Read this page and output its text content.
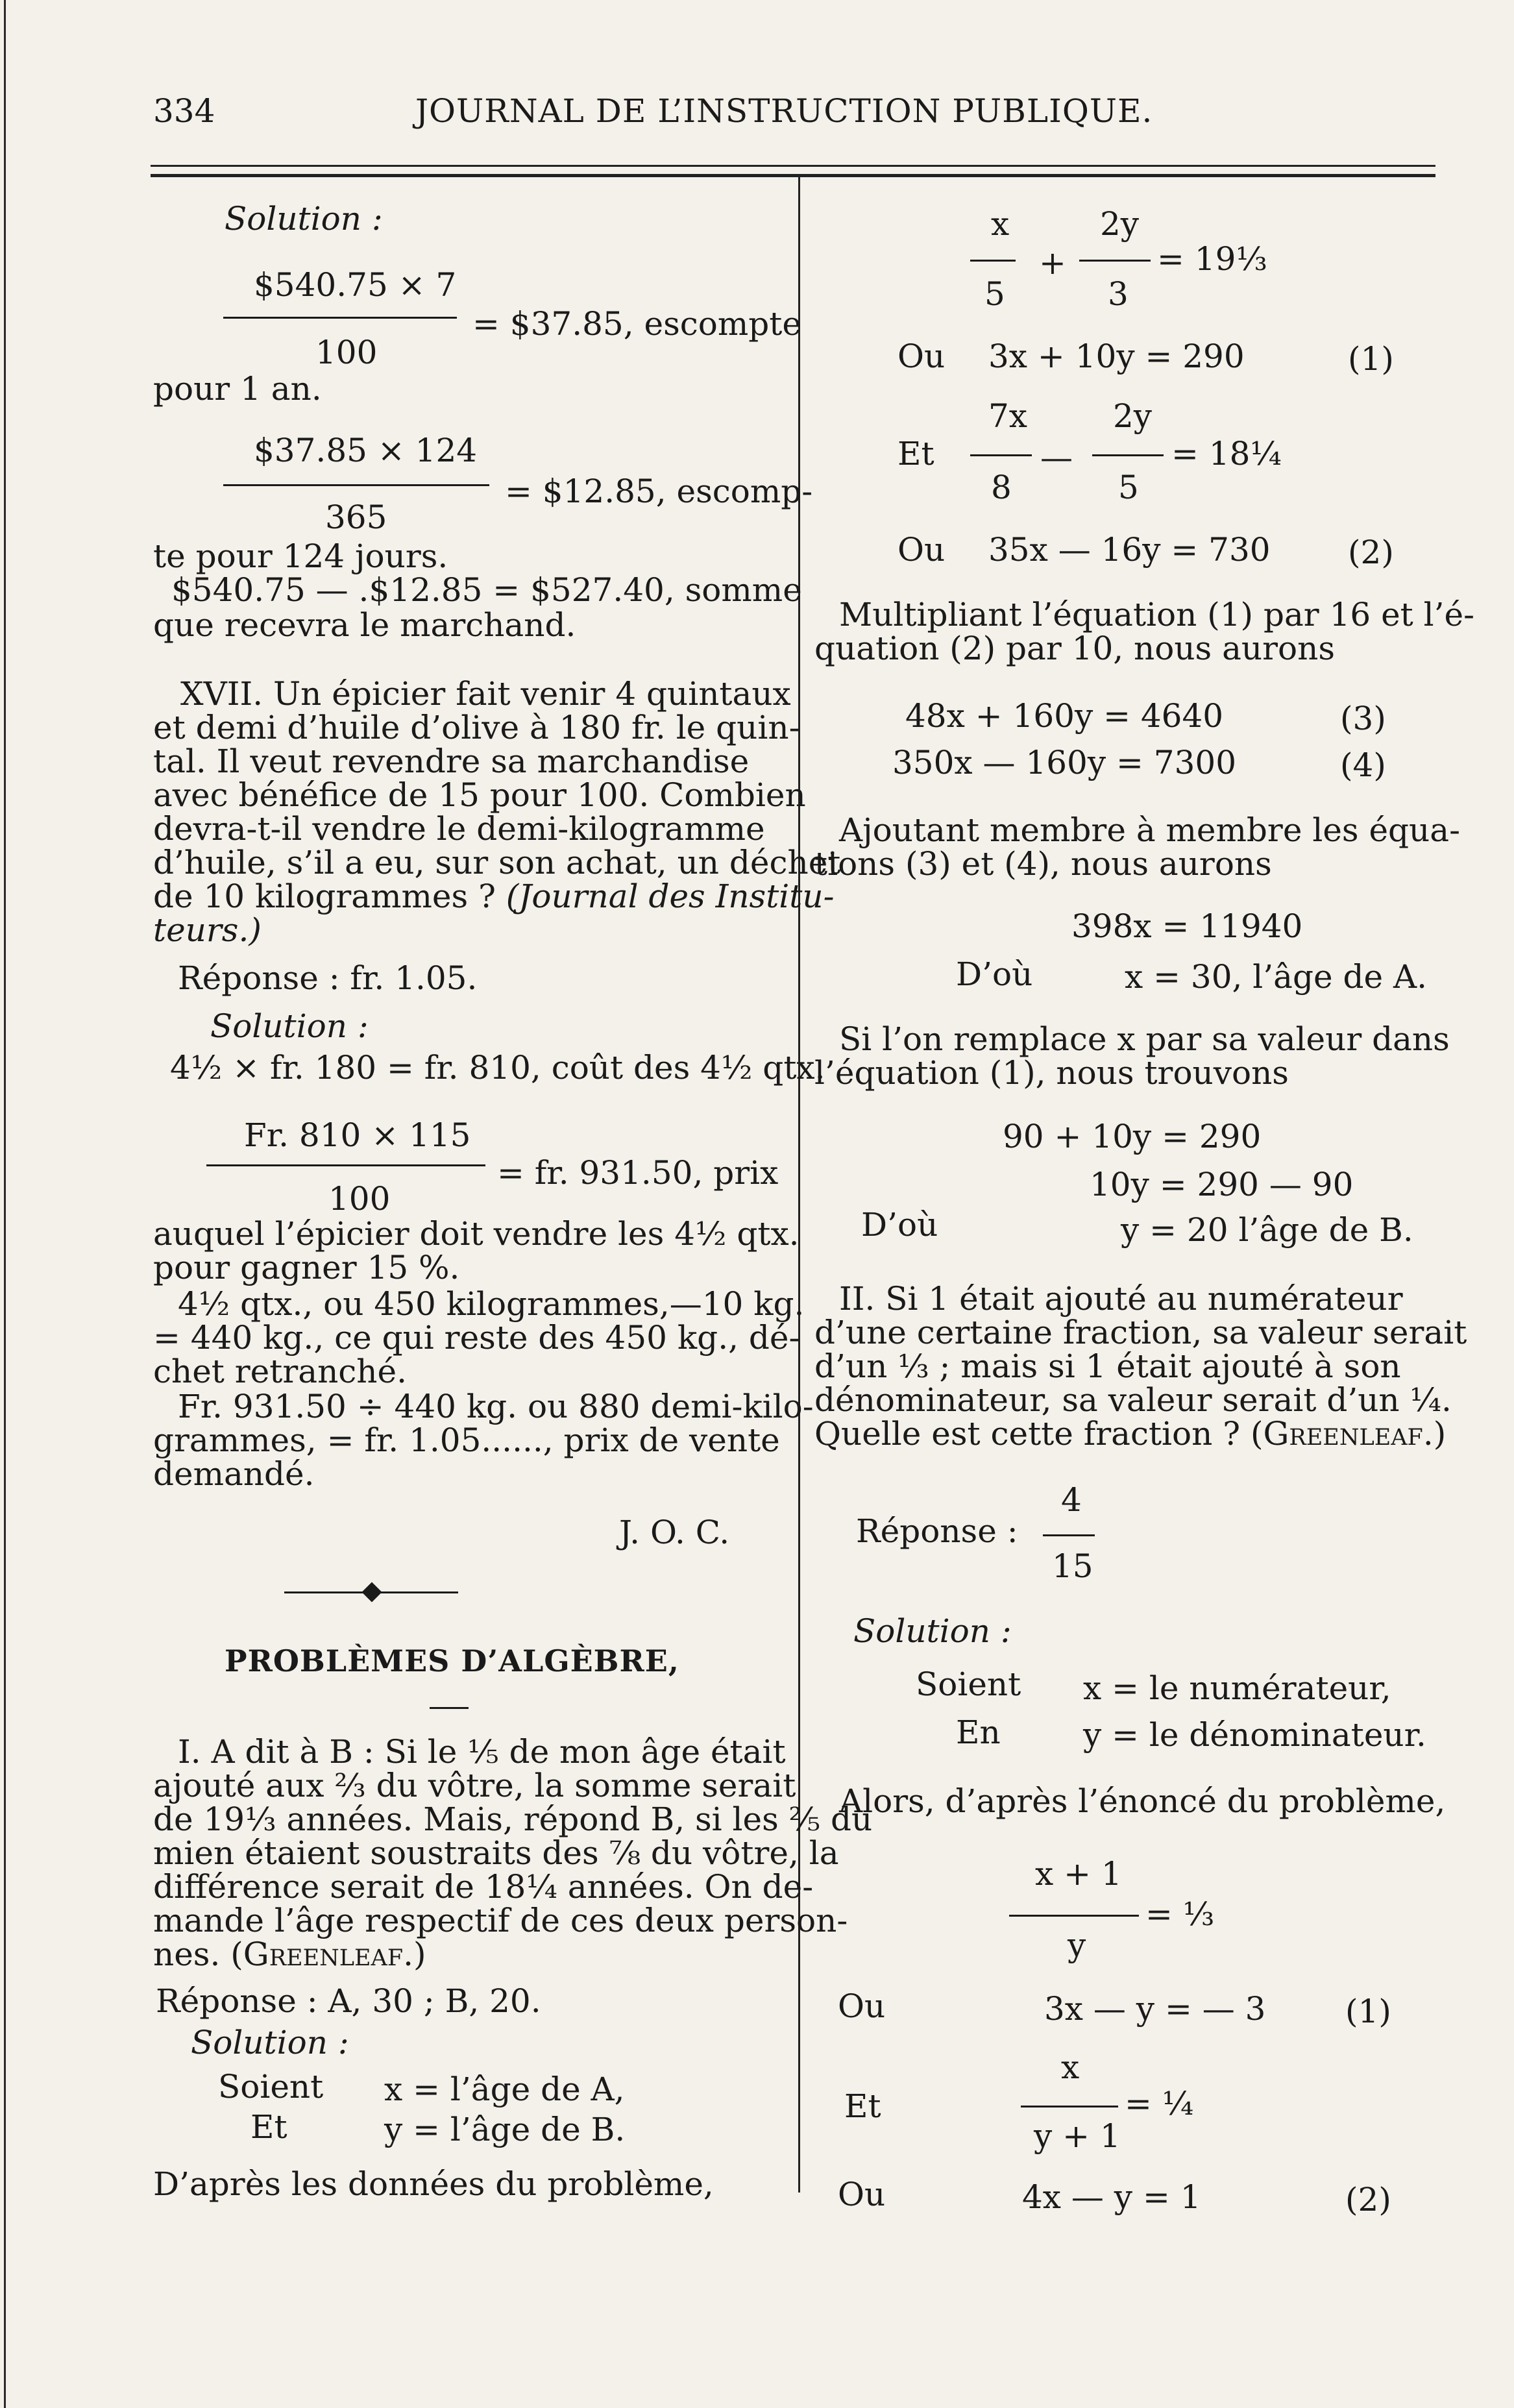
334	JOURNAL DE L’INSTRUCTION PUBLIQUE.
Solution :
$540.75 × 7
100
= $37.85, escompte
pour 1 an.
$37.85 × 124
365
= $12.85, escomp-
te pour 124 jours.
$540.75 — .$12.85 = $527.40, somme
que recevra le marchand.
XVII. Un épicier fait venir 4 quintaux
et demi d’huile d’olive à 180 fr. le quin-
tal. Il veut revendre sa marchandise
avec bénéfice de 15 pour 100. Combien
devra-t-il vendre le demi-kilogramme
d’huile, s’il a eu, sur son achat, un déchet
de 10 kilogrammes ? (Journal des Institu-
teurs.)
Réponse : fr. 1.05.
Solution :
4½ × fr. 180 = fr. 810, coût des 4½ qtx.
Fr. 810 × 115
100
= fr. 931.50, prix
auquel l’épicier doit vendre les 4½ qtx.
pour gagner 15 %.
4½ qtx., ou 450 kilogrammes,—10 kg.
= 440 kg., ce qui reste des 450 kg., dé-
chet retranché.
Fr. 931.50 ÷ 440 kg. ou 880 demi-kilo-
grammes, = fr. 1.05......, prix de vente
demandé.
J. O. C.
PROBLÈMES D’ALGÈBRE,
I. A dit à B : Si le ⅕ de mon âge était
ajouté aux ⅔ du vôtre, la somme serait
de 19⅓ années. Mais, répond B, si les ⅖ du
mien étaient soustraits des ⅞ du vôtre, la
différence serait de 18¼ années. On de-
mande l’âge respectif de ces deux person-
nes. (Greenleaf.)
Réponse : A, 30 ; B, 20.
Solution :
Soient x = l’âge de A,
Et	y = l’âge de B.
D’après les données du problème,
x
5
+
2y
3
= 19⅓
Ou 3x + 10y = 290	(1)
Et
7x
8
—
2y
5
= 18¼
Ou 35x — 16y = 730 (2)
Multipliant l’équation (1) par 16 et l’é-
quation (2) par 10, nous aurons
48x + 160y = 4640	(3)
350x — 160y = 7300	(4)
Ajoutant membre à membre les équa-
tions (3) et (4), nous aurons
398x = 11940
D’où	x = 30, l’âge de A.
Si l’on remplace x par sa valeur dans
l’équation (1), nous trouvons
90 + 10y = 290
10y = 290 — 90
D’où	y = 20 l’âge de B.
II. Si 1 était ajouté au numérateur
d’une certaine fraction, sa valeur serait
d’un ⅓ ; mais si 1 était ajouté à son
dénominateur, sa valeur serait d’un ¼.
Quelle est cette fraction ? (Greenleaf.)
Réponse :
4
15
Solution :
Soient x = le numérateur,
En	y = le dénominateur.
Alors, d’après l’énoncé du problème,
x + 1
y
= ⅓
Ou	3x — y = — 3 (1)
Et
x
y + 1
= ¼
Ou	4x — y = 1	(2)
